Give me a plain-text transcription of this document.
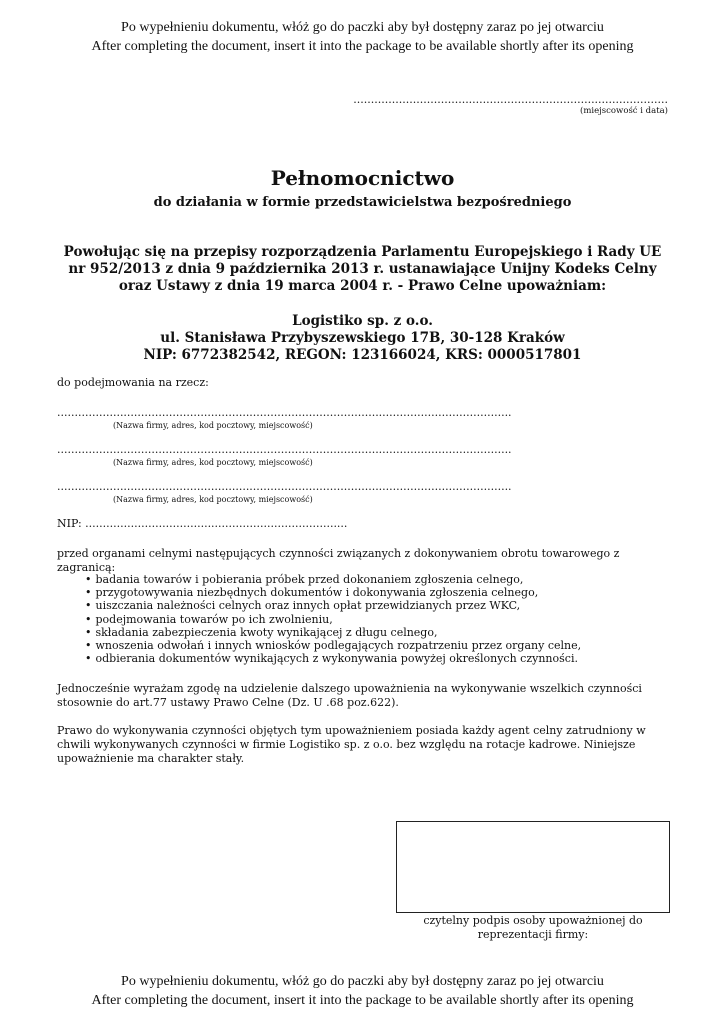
Po wypełnieniu dokumentu, włóż go do paczki aby był dostępny zaraz po jej otwarciu
After completing the document, insert it into the package to be available shortly after its opening
..........................................................................................
(miejscowość i data)
Pełnomocnictwo
do działania w formie przedstawicielstwa bezpośredniego
Powołując się na przepisy rozporządzenia Parlamentu Europejskiego i Rady UE nr 952/2013 z dnia 9 października 2013 r. ustanawiające Unijny Kodeks Celny oraz Ustawy z dnia 19 marca 2004 r. - Prawo Celne upoważniam:
Logistiko sp. z o.o.
ul. Stanisława Przybyszewskiego 17B, 30-128 Kraków
NIP: 6772382542, REGON: 123166024, KRS: 0000517801
do podejmowania na rzecz:
..................................................................................................................................
(Nazwa firmy, adres, kod pocztowy, miejscowość)
..................................................................................................................................
(Nazwa firmy, adres, kod pocztowy, miejscowość)
..................................................................................................................................
(Nazwa firmy, adres, kod pocztowy, miejscowość)
NIP: ...........................................................................
przed organami celnymi następujących czynności związanych z dokonywaniem obrotu towarowego z zagranicą:
• badania towarów i pobierania próbek przed dokonaniem zgłoszenia celnego,
• przygotowywania niezbędnych dokumentów i dokonywania zgłoszenia celnego,
• uiszczania należności celnych oraz innych opłat przewidzianych przez WKC,
• podejmowania towarów po ich zwolnieniu,
• składania zabezpieczenia kwoty wynikającej z długu celnego,
• wnoszenia odwołań i innych wniosków podlegających rozpatrzeniu przez organy celne,
• odbierania dokumentów wynikających z wykonywania powyżej określonych czynności.
Jednocześnie wyrażam zgodę na udzielenie dalszego upoważnienia na wykonywanie wszelkich czynności stosownie do art.77 ustawy Prawo Celne (Dz. U .68 poz.622).
Prawo do wykonywania czynności objętych tym upoważnieniem posiada każdy agent celny zatrudniony w chwili wykonywanych czynności w firmie Logistiko sp. z o.o. bez względu na rotacje kadrowe. Niniejsze upoważnienie ma charakter stały.
czytelny podpis osoby upoważnionej do reprezentacji firmy:
Po wypełnieniu dokumentu, włóż go do paczki aby był dostępny zaraz po jej otwarciu
After completing the document, insert it into the package to be available shortly after its opening
